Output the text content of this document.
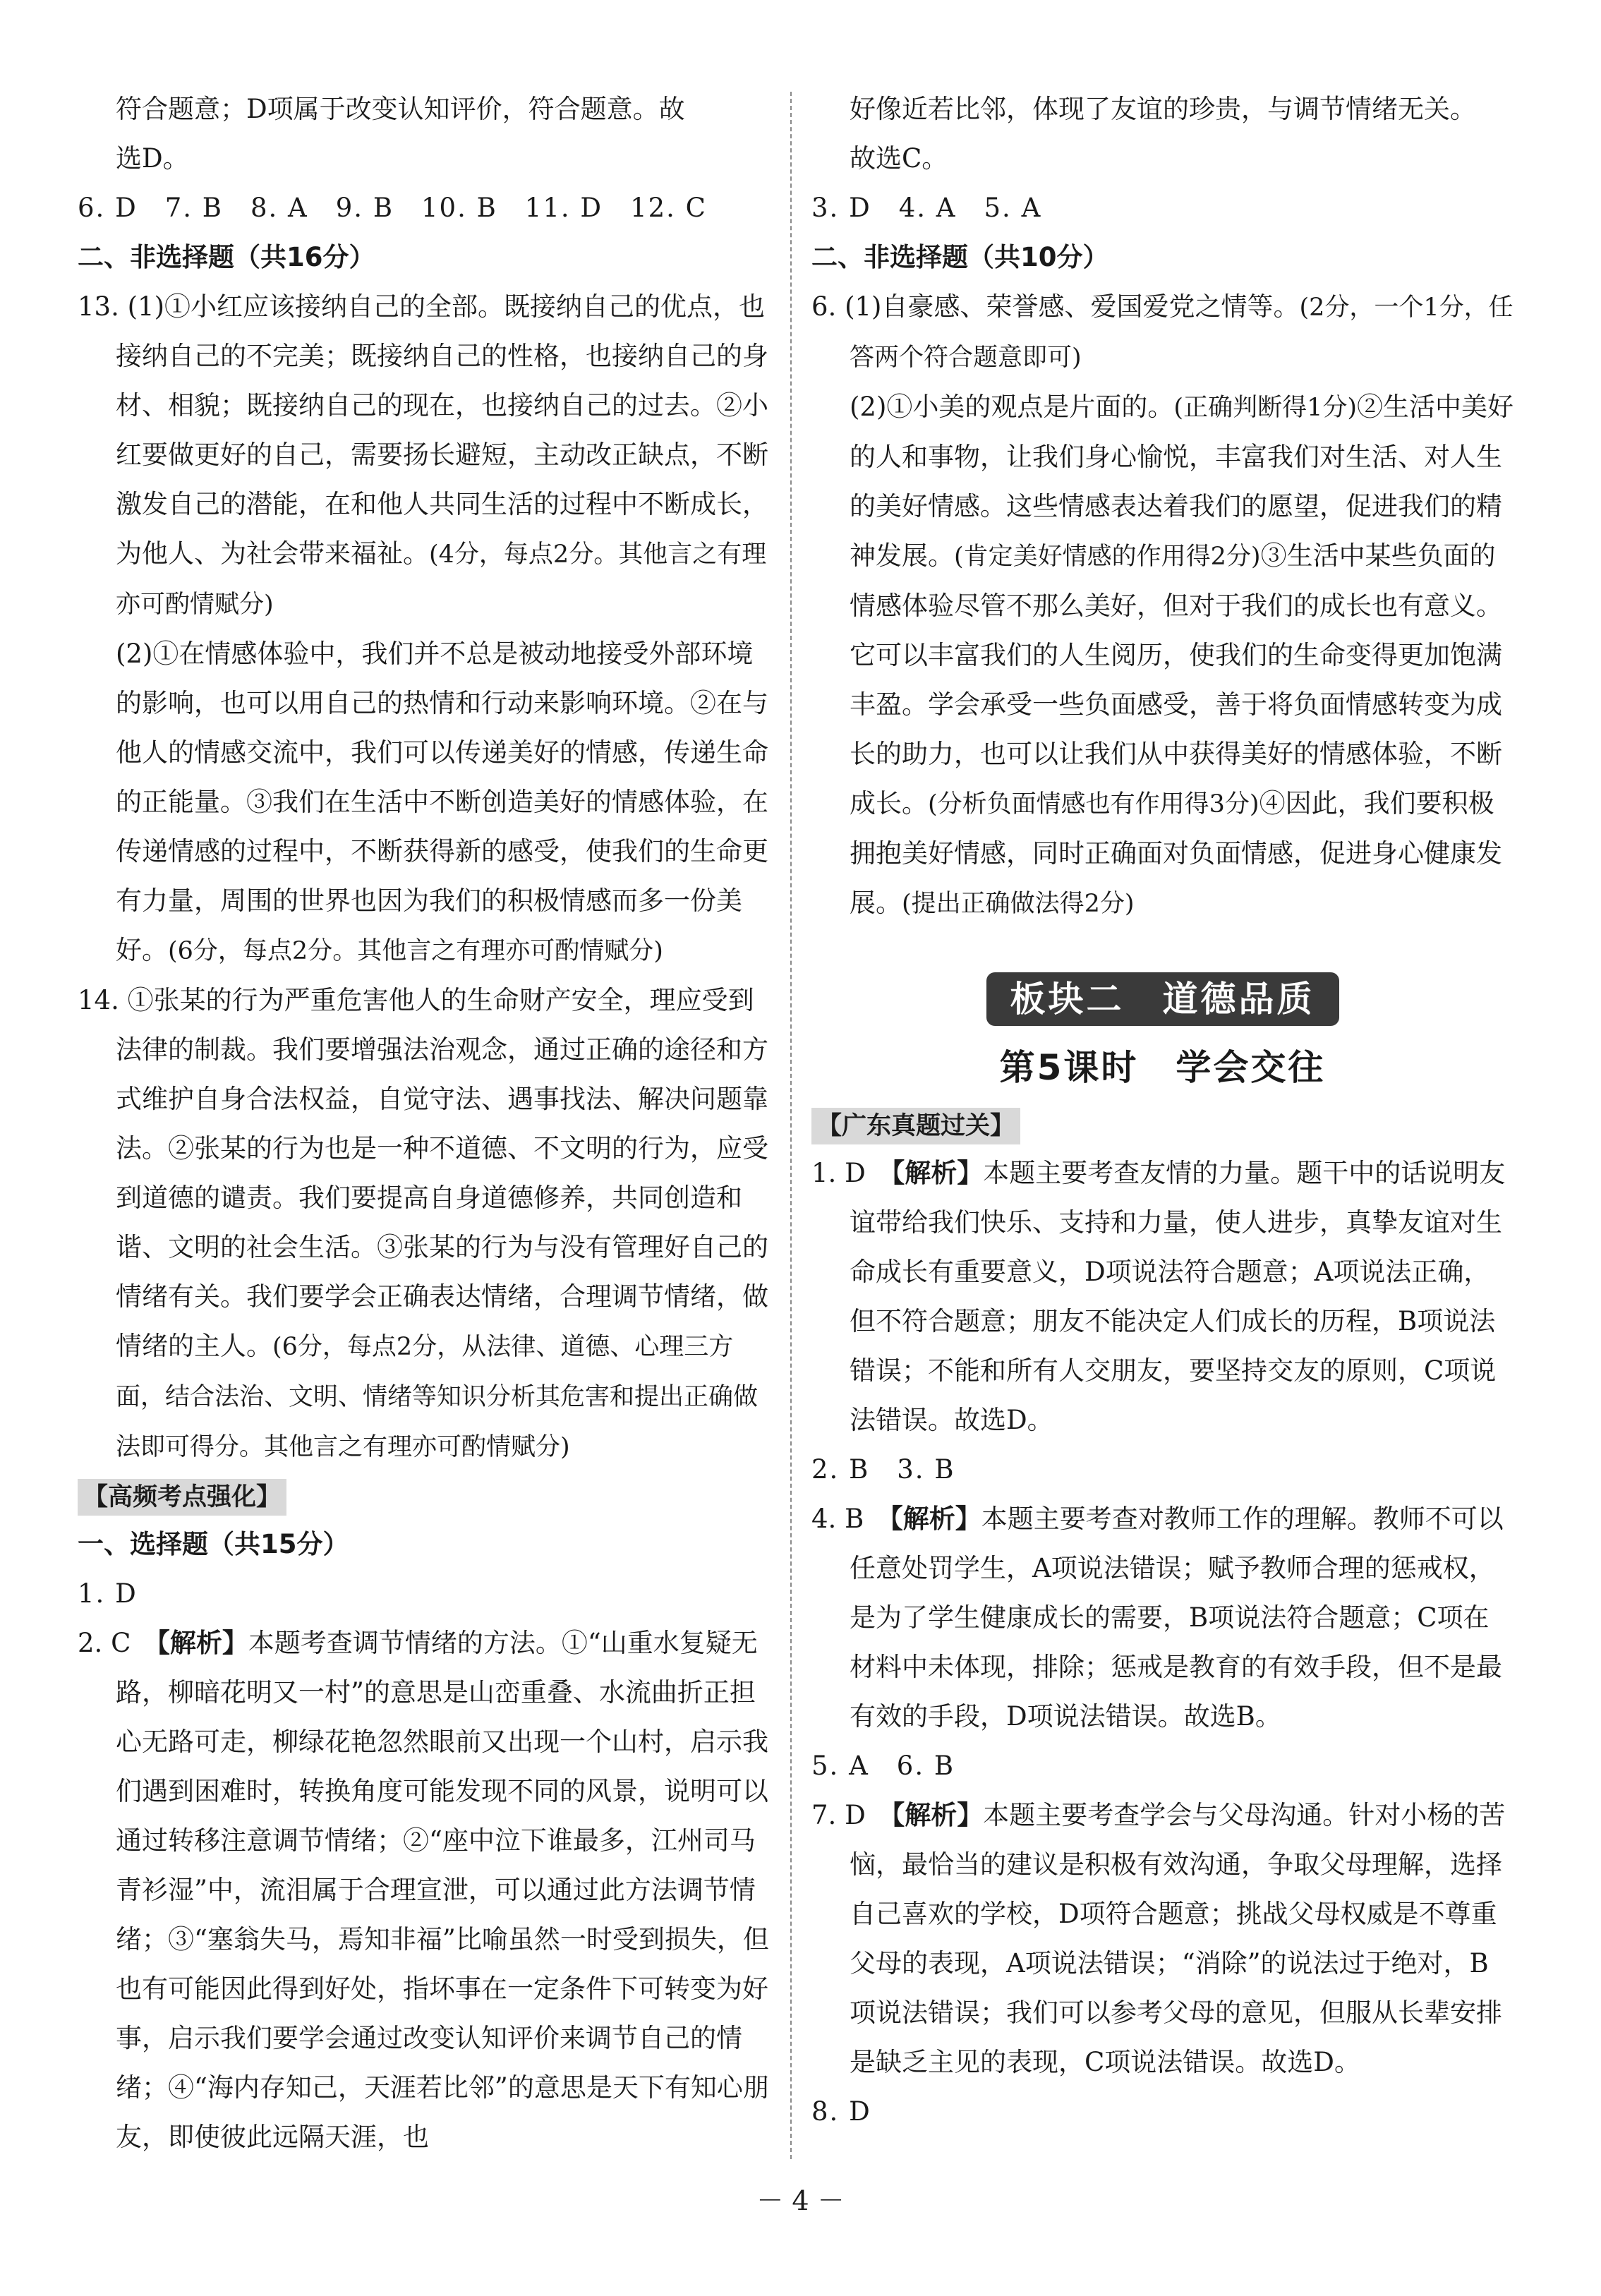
符合题意；D项属于改变认知评价，符合题意。故

选D。

6. D　7. B　8. A　9. B　10. B　11. D　12. C

二、非选择题（共16分）

13. (1)①小红应该接纳自己的全部。既接纳自己的优点，也接纳自己的不完美；既接纳自己的性格，也接纳自己的身材、相貌；既接纳自己的现在，也接纳自己的过去。②小红要做更好的自己，需要扬长避短，主动改正缺点，不断激发自己的潜能，在和他人共同生活的过程中不断成长，为他人、为社会带来福祉。(4分，每点2分。其他言之有理亦可酌情赋分)

(2)①在情感体验中，我们并不总是被动地接受外部环境的影响，也可以用自己的热情和行动来影响环境。②在与他人的情感交流中，我们可以传递美好的情感，传递生命的正能量。③我们在生活中不断创造美好的情感体验，在传递情感的过程中，不断获得新的感受，使我们的生命更有力量，周围的世界也因为我们的积极情感而多一份美好。(6分，每点2分。其他言之有理亦可酌情赋分)

14. ①张某的行为严重危害他人的生命财产安全，理应受到法律的制裁。我们要增强法治观念，通过正确的途径和方式维护自身合法权益，自觉守法、遇事找法、解决问题靠法。②张某的行为也是一种不道德、不文明的行为，应受到道德的谴责。我们要提高自身道德修养，共同创造和谐、文明的社会生活。③张某的行为与没有管理好自己的情绪有关。我们要学会正确表达情绪，合理调节情绪，做情绪的主人。(6分，每点2分，从法律、道德、心理三方面，结合法治、文明、情绪等知识分析其危害和提出正确做法即可得分。其他言之有理亦可酌情赋分)

【高频考点强化】

一、选择题（共15分）

1. D

2. C　【解析】本题考查调节情绪的方法。①“山重水复疑无路，柳暗花明又一村”的意思是山峦重叠、水流曲折正担心无路可走，柳绿花艳忽然眼前又出现一个山村，启示我们遇到困难时，转换角度可能发现不同的风景，说明可以通过转移注意调节情绪；②“座中泣下谁最多，江州司马青衫湿”中，流泪属于合理宣泄，可以通过此方法调节情绪；③“塞翁失马，焉知非福”比喻虽然一时受到损失，但也有可能因此得到好处，指坏事在一定条件下可转变为好事，启示我们要学会通过改变认知评价来调节自己的情绪；④“海内存知己，天涯若比邻”的意思是天下有知心朋友，即使彼此远隔天涯，也

好像近若比邻，体现了友谊的珍贵，与调节情绪无关。

故选C。

3. D　4. A　5. A

二、非选择题（共10分）

6. (1)自豪感、荣誉感、爱国爱党之情等。(2分，一个1分，任答两个符合题意即可)

(2)①小美的观点是片面的。(正确判断得1分)②生活中美好的人和事物，让我们身心愉悦，丰富我们对生活、对人生的美好情感。这些情感表达着我们的愿望，促进我们的精神发展。(肯定美好情感的作用得2分)③生活中某些负面的情感体验尽管不那么美好，但对于我们的成长也有意义。它可以丰富我们的人生阅历，使我们的生命变得更加饱满丰盈。学会承受一些负面感受，善于将负面情感转变为成长的助力，也可以让我们从中获得美好的情感体验，不断成长。(分析负面情感也有作用得3分)④因此，我们要积极拥抱美好情感，同时正确面对负面情感，促进身心健康发展。(提出正确做法得2分)

板块二　道德品质

第5课时　学会交往

【广东真题过关】

1. D　【解析】本题主要考查友情的力量。题干中的话说明友谊带给我们快乐、支持和力量，使人进步，真挚友谊对生命成长有重要意义，D项说法符合题意；A项说法正确，但不符合题意；朋友不能决定人们成长的历程，B项说法错误；不能和所有人交朋友，要坚持交友的原则，C项说法错误。故选D。

2. B　3. B

4. B　【解析】本题主要考查对教师工作的理解。教师不可以任意处罚学生，A项说法错误；赋予教师合理的惩戒权，是为了学生健康成长的需要，B项说法符合题意；C项在材料中未体现，排除；惩戒是教育的有效手段，但不是最有效的手段，D项说法错误。故选B。

5. A　6. B

7. D　【解析】本题主要考查学会与父母沟通。针对小杨的苦恼，最恰当的建议是积极有效沟通，争取父母理解，选择自己喜欢的学校，D项符合题意；挑战父母权威是不尊重父母的表现，A项说法错误；“消除”的说法过于绝对，B项说法错误；我们可以参考父母的意见，但服从长辈安排是缺乏主见的表现，C项说法错误。故选D。

8. D

－ 4 －
